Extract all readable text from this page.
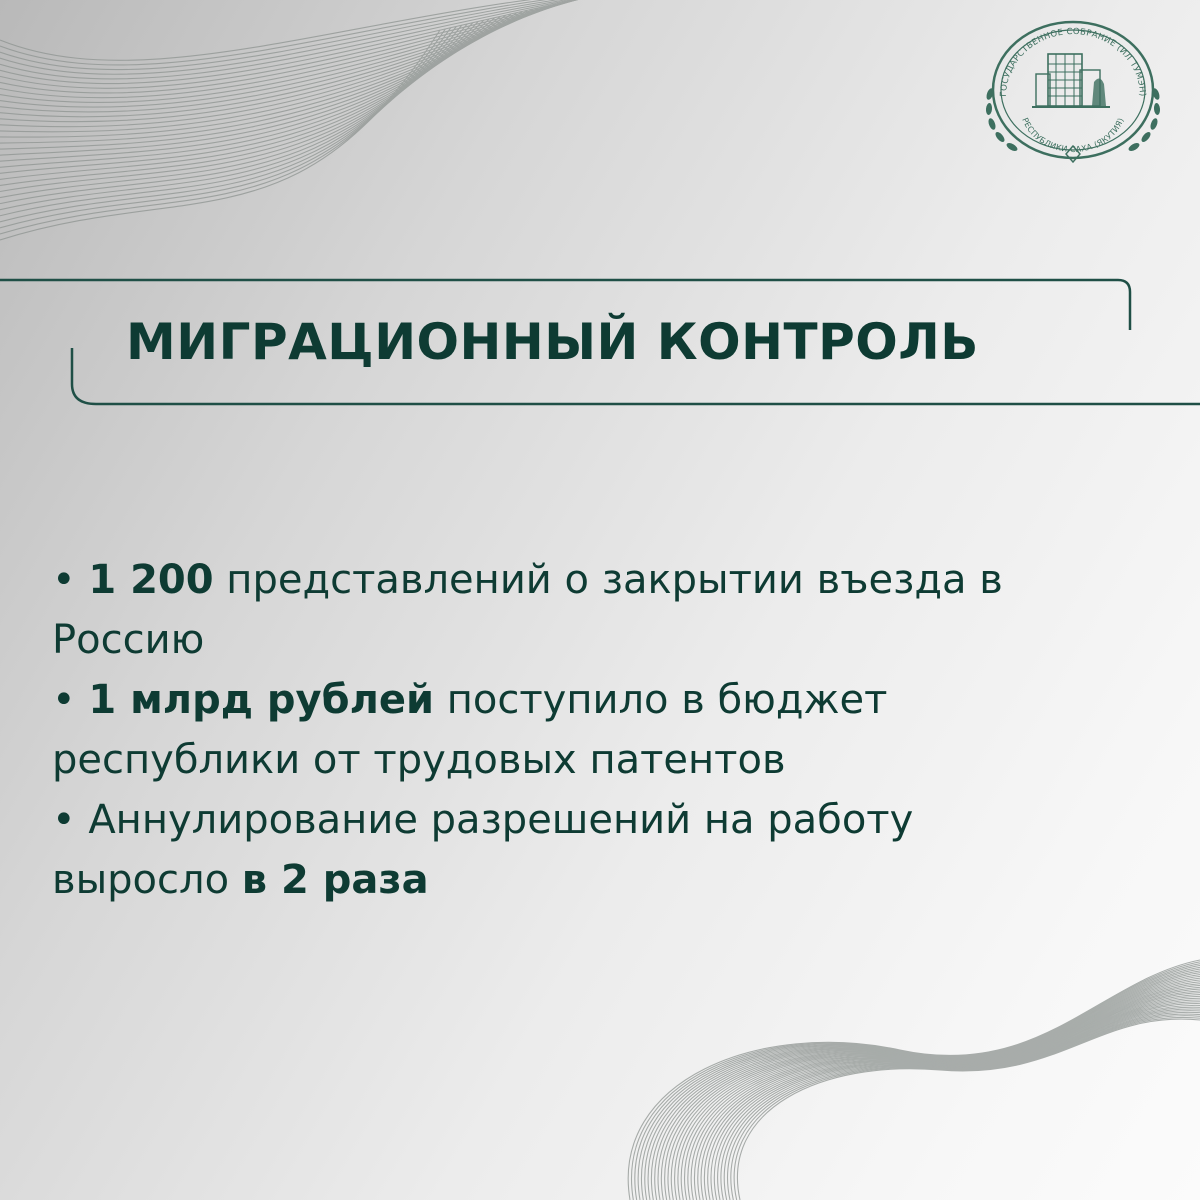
ГОСУДАРСТВЕННОЕ СОБРАНИЕ (ИЛ ТУМЭН)
РЕСПУБЛИКИ САХА (ЯКУТИЯ)
МИГРАЦИОННЫЙ КОНТРОЛЬ

• 1 200 представлений о закрытии въезда в
Россию

• 1 млрд рублей поступило в бюджет
республики от трудовых патентов

• Аннулирование разрешений на работу
выросло в 2 раза
